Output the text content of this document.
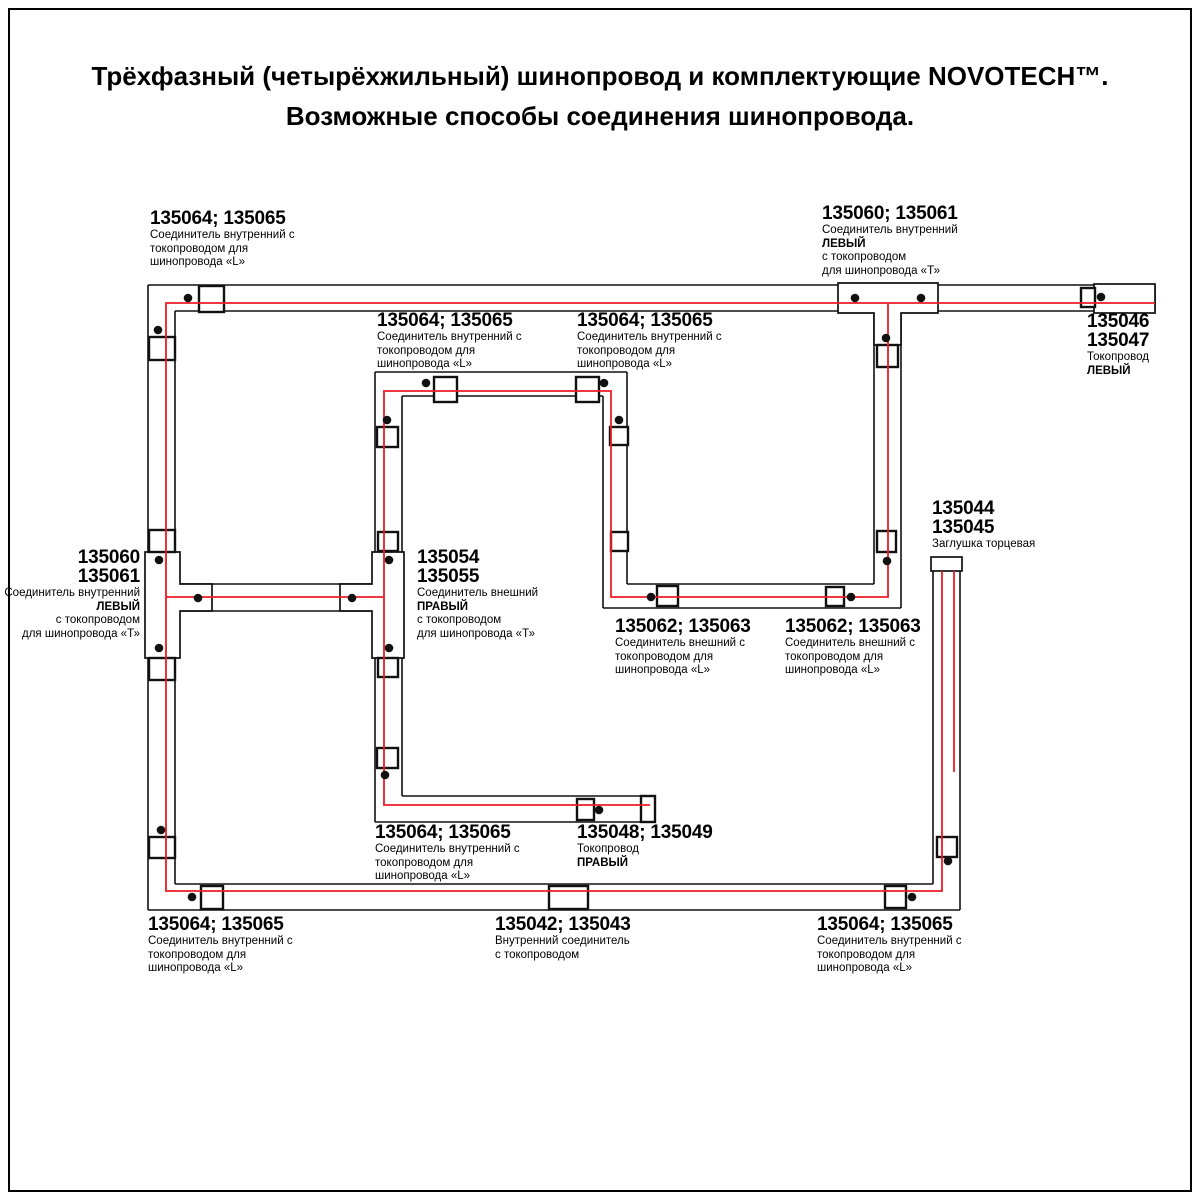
Трёхфазный (четырёхжильный) шинопровод и комплектующие NOVOTECH™.
Возможные способы соединения шинопровода.
135064; 135065
Соединитель внутренний с
токопроводом для
шинопровода «L»
135064; 135065
Соединитель внутренний с
токопроводом для
шинопровода «L»
135064; 135065
Соединитель внутренний с
токопроводом для
шинопровода «L»
135060; 135061
Соединитель внутренний
ЛЕВЫЙ
с токопроводом
для шинопровода «Т»
135046
135047
Токопровод
ЛЕВЫЙ
135060
135061
Соединитель внутренний
ЛЕВЫЙ
с токопроводом
для шинопровода «Т»
135054
135055
Соединитель внешний
ПРАВЫЙ
с токопроводом
для шинопровода «Т»	135062; 135063
Соединитель внешний с
токопроводом для
шинопровода «L»
135062; 135063
Соединитель внешний с
токопроводом для
шинопровода «L»
135044
135045
Заглушка торцевая
135064; 135065
Соединитель внутренний с
токопроводом для
шинопровода «L»
135048; 135049
Токопровод
ПРАВЫЙ
135064; 135065
Соединитель внутренний с
токопроводом для
шинопровода «L»
135042; 135043
Внутренний соединитель
с токопроводом
135064; 135065
Соединитель внутренний с
токопроводом для
шинопровода «L»
